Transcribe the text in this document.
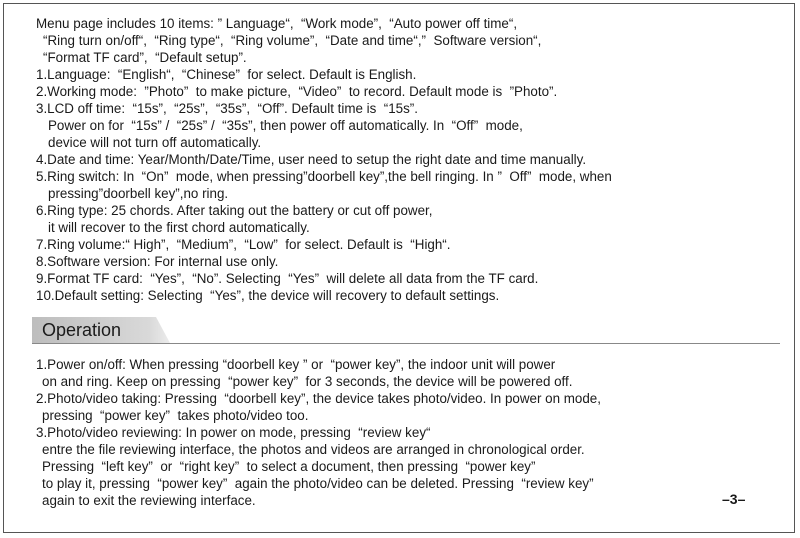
Menu page includes 10 items: ” Language“,  “Work mode”,  “Auto power off time“,
“Ring turn on/off“,  “Ring type“,  “Ring volume”,  “Date and time“,”  Software version“,
“Format TF card”,  “Default setup”.
1.Language:  “English“,  “Chinese”  for select. Default is English.
2.Working mode:  ”Photo”  to make picture,  “Video”  to record. Default mode is  ”Photo”.
3.LCD off time:  “15s”,  “25s”,  “35s”,  “Off”. Default time is  “15s”.
Power on for  “15s” /  “25s” /  “35s”, then power off automatically. In  “Off”  mode,
device will not turn off automatically.
4.Date and time: Year/Month/Date/Time, user need to setup the right date and time manually.
5.Ring switch: In  “On”  mode, when pressing”doorbell key”,the bell ringing. In ”  Off”  mode, when
pressing”doorbell key”,no ring.
6.Ring type: 25 chords. After taking out the battery or cut off power,
it will recover to the first chord automatically.
7.Ring volume:“ High”,  “Medium”,  “Low”  for select. Default is  “High“.
8.Software version: For internal use only.
9.Format TF card:  “Yes”,  “No”. Selecting  “Yes”  will delete all data from the TF card.
10.Default setting: Selecting  “Yes”, the device will recovery to default settings.
Operation
1.Power on/off: When pressing “doorbell key ” or  “power key”, the indoor unit will power
on and ring. Keep on pressing  “power key”  for 3 seconds, the device will be powered off.
2.Photo/video taking: Pressing  “doorbell key”, the device takes photo/video. In power on mode,
pressing  “power key”  takes photo/video too.
3.Photo/video reviewing: In power on mode, pressing  “review key“
entre the file reviewing interface, the photos and videos are arranged in chronological order.
Pressing  “left key”  or  “right key”  to select a document, then pressing  “power key”
to play it, pressing  “power key”  again the photo/video can be deleted. Pressing  “review key”
again to exit the reviewing interface.	–3–
